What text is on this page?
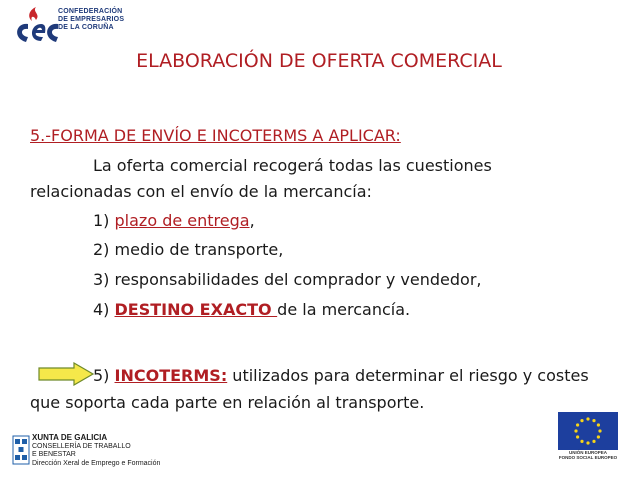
CONFEDERACIÓN
DE EMPRESARIOS
DE LA CORUÑA
ELABORACIÓN DE OFERTA COMERCIAL
5.-FORMA DE ENVÍO E INCOTERMS A APLICAR:
La oferta comercial recogerá todas las cuestiones
relacionadas con el envío de la mercancía:
1) plazo de entrega,
2) medio de transporte,
3) responsabilidades del comprador y vendedor,
4) DESTINO EXACTO de la mercancía.
5) INCOTERMS: utilizados para determinar el riesgo y costes
que soporta cada parte en relación al transporte.
XUNTA DE GALICIA
CONSELLERÍA DE TRABALLO
E BENESTAR
Dirección Xeral de Emprego e Formación
UNIÓN EUROPEA
FONDO SOCIAL EUROPEO
